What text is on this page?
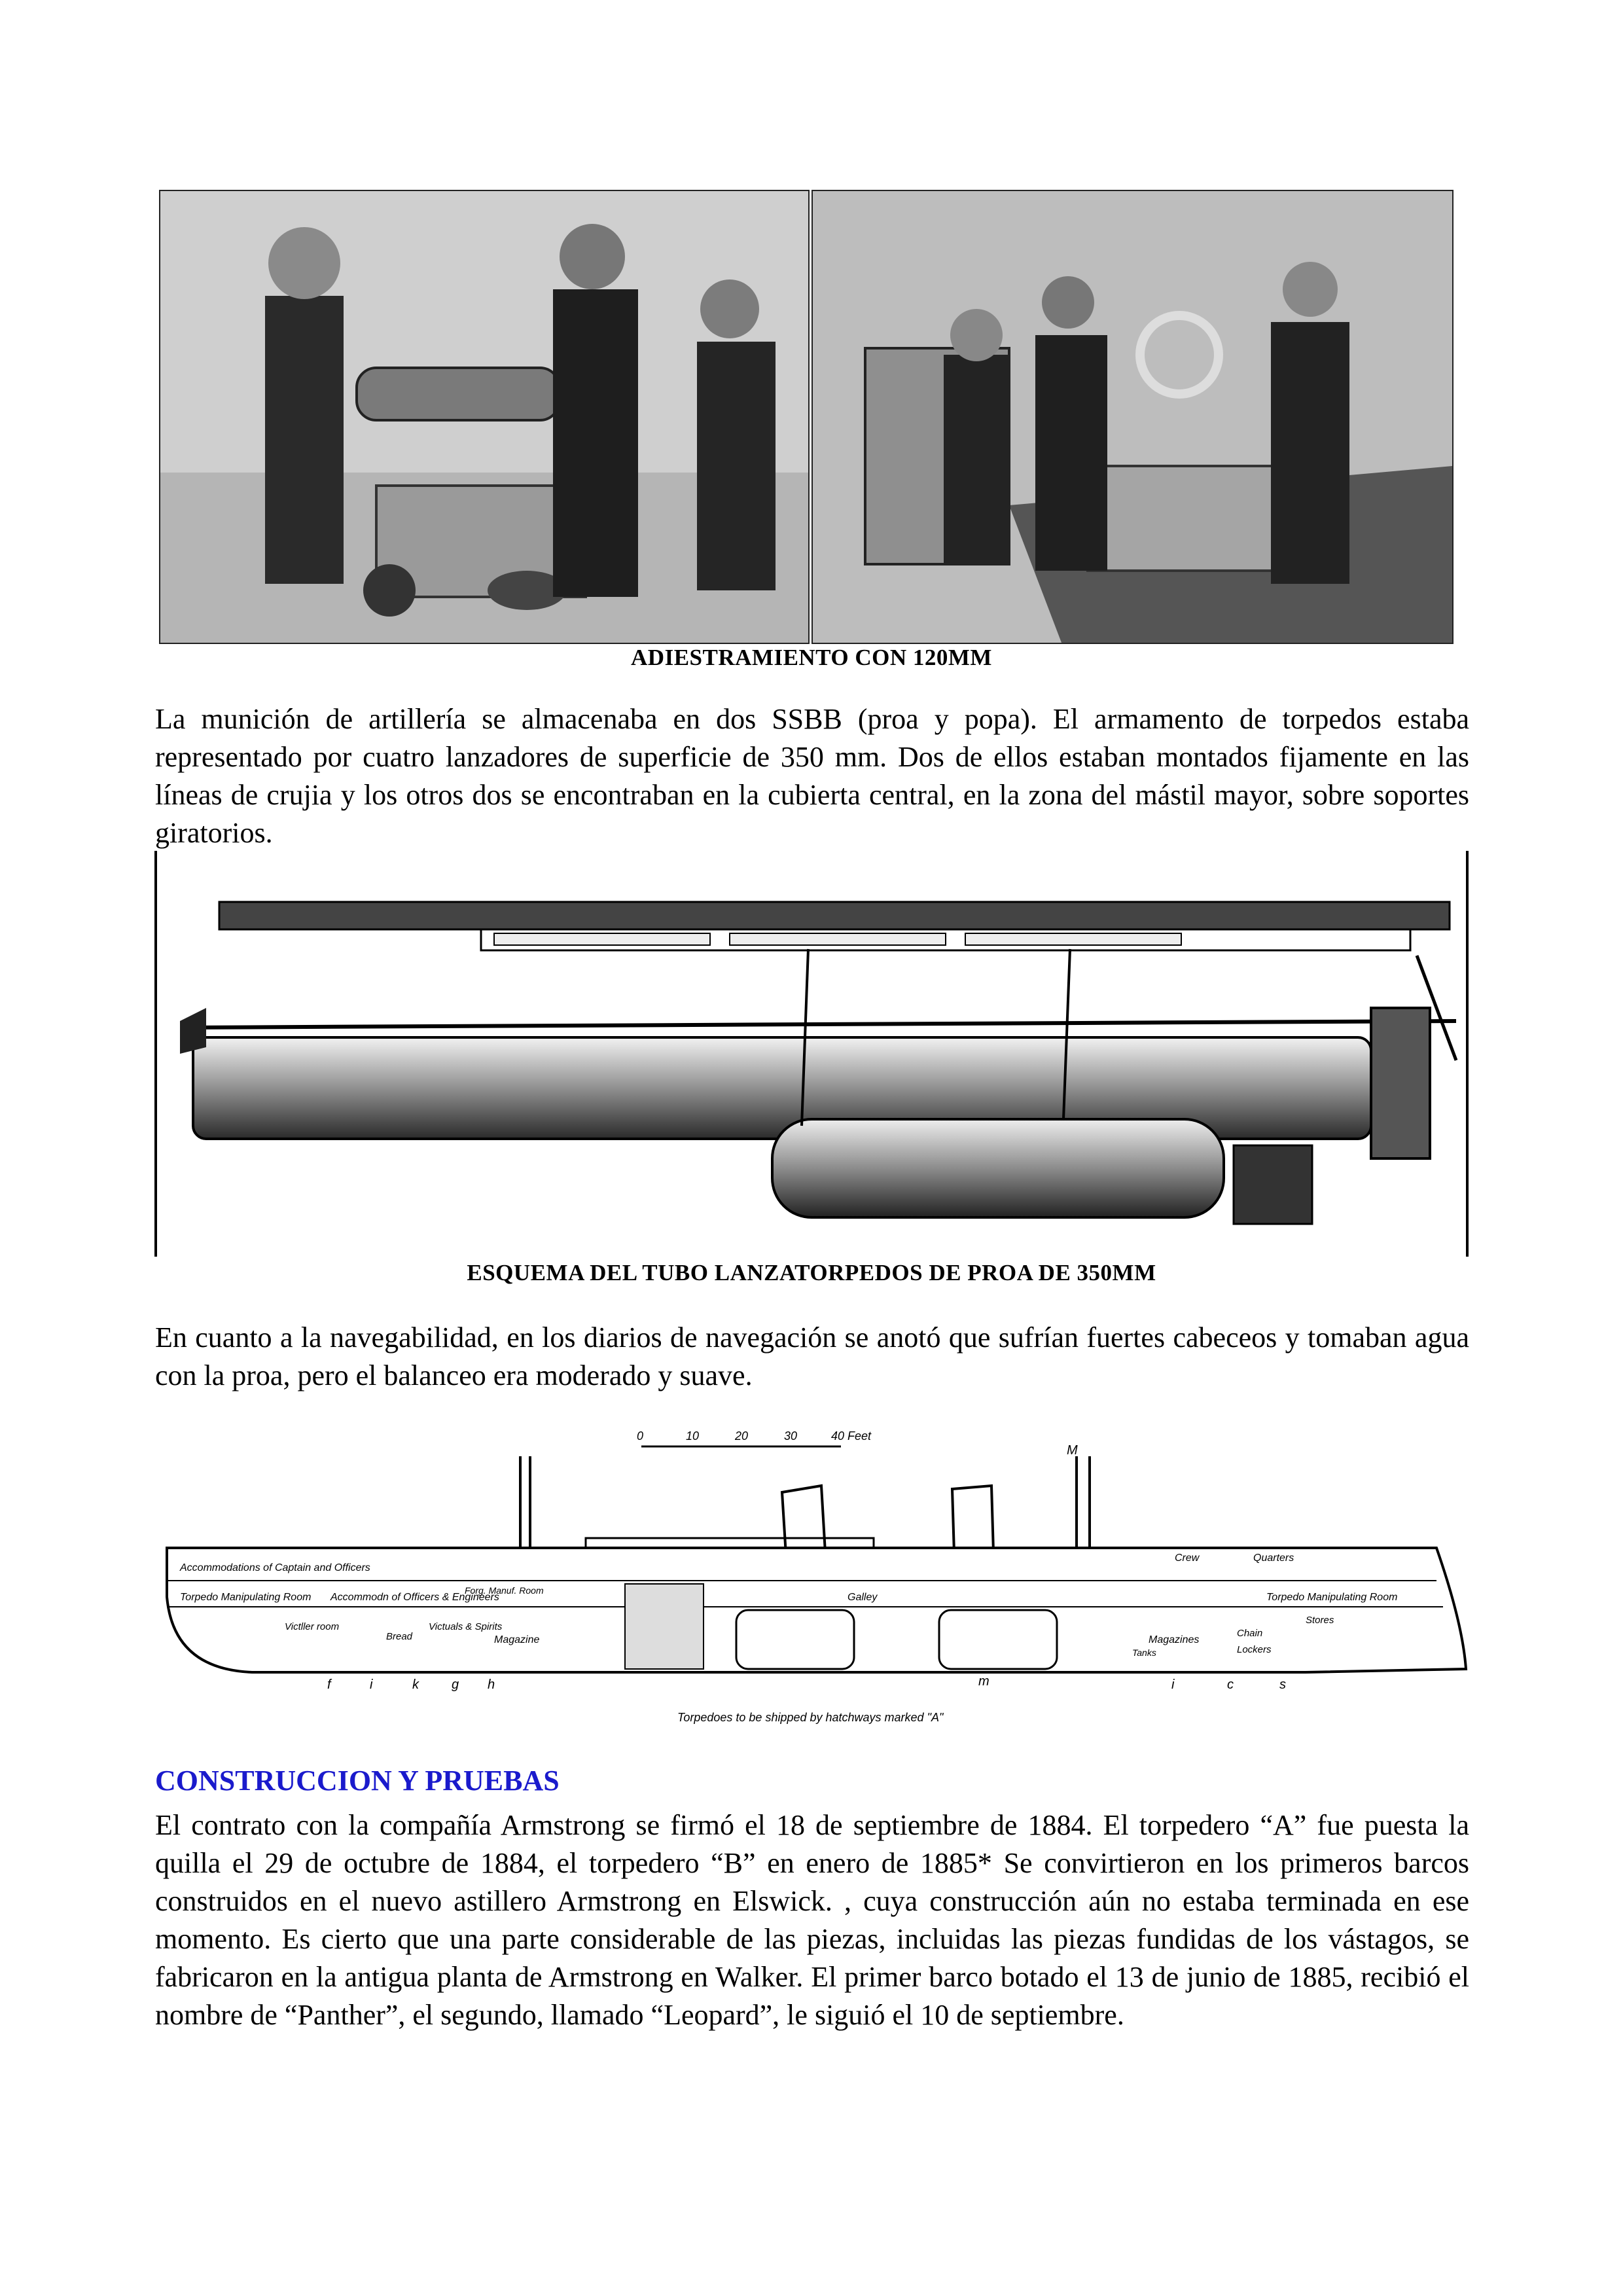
ADIESTRAMIENTO CON 120MM
La munición de artillería se almacenaba en dos SSBB (proa y popa). El armamento de torpedos estaba representado por cuatro lanzadores de superficie de 350 mm. Dos de ellos estaban montados fijamente en las líneas de crujia y los otros dos se encontraban en la cubierta central, en la zona del mástil mayor, sobre soportes giratorios.
ESQUEMA DEL TUBO LANZATORPEDOS DE PROA DE 350MM
En cuanto a la navegabilidad, en los diarios de navegación se anotó que sufrían fuertes cabeceos y tomaban agua con la proa, pero el balanceo era moderado y suave.
0	10	20	30	40 Feet
M
Accommodations of Captain and Officers
Torpedo Manipulating Room Accommodn of Officers & Engineers
Forg. Manuf. Room
Victller room
Bread
Victuals & Spirits
Magazine
Galley
Crew	Quarters
Torpedo Manipulating Room
Magazines
Tanks
Chain
Lockers
Stores
f	i	k	g h	m	i	c	s
Torpedoes to be shipped by hatchways marked "A"
CONSTRUCCION Y PRUEBAS
El contrato con la compañía Armstrong se firmó el 18 de septiembre de 1884. El torpedero “A” fue puesta la quilla el 29 de octubre de 1884, el torpedero “B” en enero de 1885* Se convirtieron en los primeros barcos construidos en el nuevo astillero Armstrong en Elswick. , cuya construcción aún no estaba terminada en ese momento. Es cierto que una parte considerable de las piezas, incluidas las piezas fundidas de los vástagos, se fabricaron en la antigua planta de Armstrong en Walker. El primer barco botado el 13 de junio de 1885, recibió el nombre de “Panther”, el segundo, llamado “Leopard”, le siguió el 10 de septiembre.
